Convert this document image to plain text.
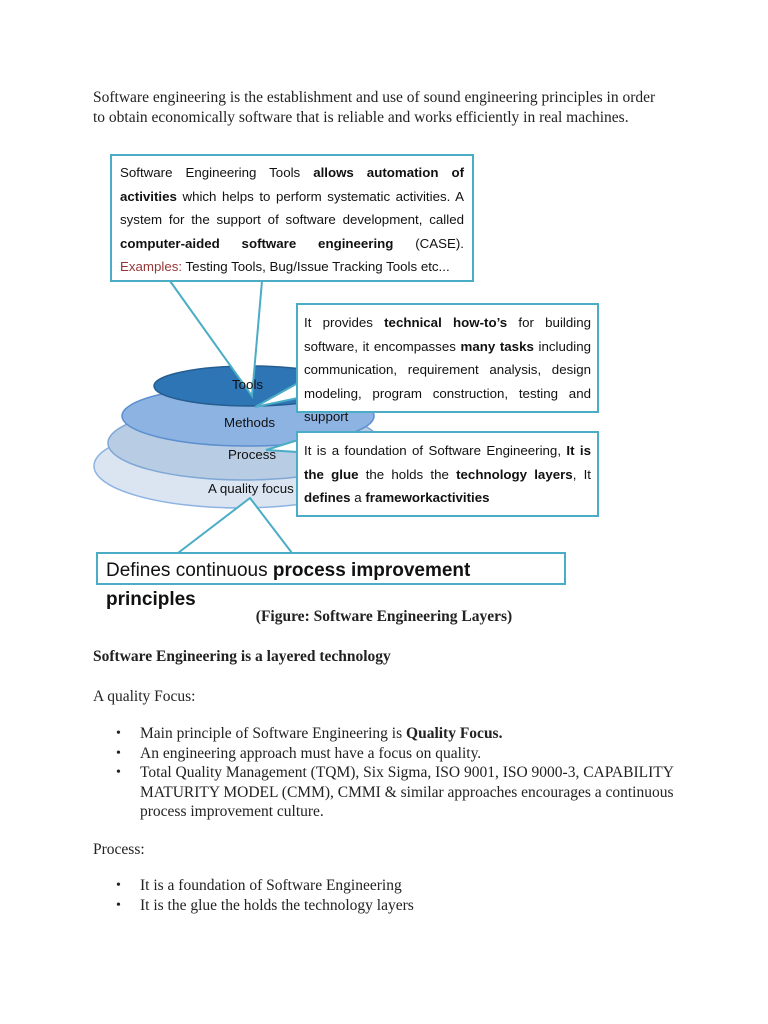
Software engineering is the establishment and use of sound engineering principles in order to obtain economically software that is reliable and works efficiently in real machines.

Tools
Methods
Process
A quality focus
Software Engineering Tools allows automation of activities which helps to perform systematic activities. A system for the support of software development, called computer-aided software engineering (CASE). Examples: Testing Tools, Bug/Issue Tracking Tools etc...
It provides technical how-to’s for building software, it encompasses many tasks including communication, requirement analysis, design modeling, program construction, testing and support
It is a foundation of Software Engineering, It is the glue the holds the technology layers, It defines a frameworkactivities
Defines continuous process improvement principles

(Figure: Software Engineering Layers)

Software Engineering is a layered technology

A quality Focus:

• Main principle of Software Engineering is Quality Focus.
• An engineering approach must have a focus on quality.
• Total Quality Management (TQM), Six Sigma, ISO 9001, ISO 9000-3, CAPABILITY MATURITY MODEL (CMM), CMMI & similar approaches encourages a continuous process improvement culture.

Process:

• It is a foundation of Software Engineering
• It is the glue the holds the technology layers
